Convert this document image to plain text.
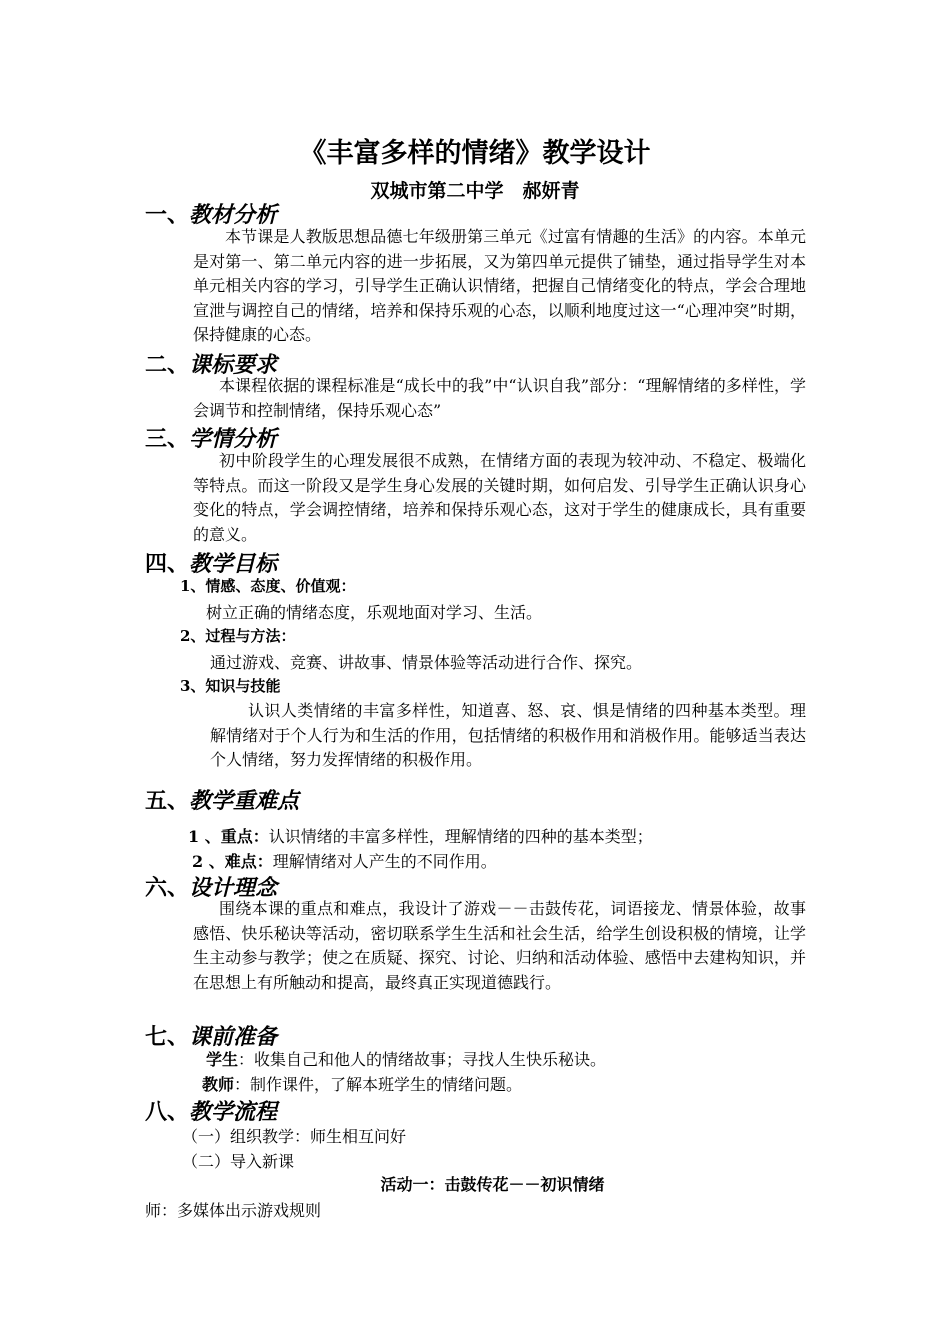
《丰富多样的情绪》教学设计
双城市第二中学　郝妍青
一、教材分析
本节课是人教版思想品德七年级册第三单元《过富有情趣的生活》的内容。本单元是对第一、第二单元内容的进一步拓展，又为第四单元提供了铺垫，通过指导学生对本单元相关内容的学习，引导学生正确认识情绪，把握自己情绪变化的特点，学会合理地宣泄与调控自己的情绪，培养和保持乐观的心态，以顺利地度过这一“心理冲突”时期，保持健康的心态。
二、课标要求
本课程依据的课程标准是“成长中的我”中“认识自我”部分：“理解情绪的多样性，学会调节和控制情绪，保持乐观心态”
三、学情分析
初中阶段学生的心理发展很不成熟，在情绪方面的表现为较冲动、不稳定、极端化等特点。而这一阶段又是学生身心发展的关键时期，如何启发、引导学生正确认识身心变化的特点，学会调控情绪，培养和保持乐观心态，这对于学生的健康成长，具有重要的意义。
四、教学目标
1、情感、态度、价值观：
树立正确的情绪态度，乐观地面对学习、生活。
2、过程与方法：
通过游戏、竞赛、讲故事、情景体验等活动进行合作、探究。
3、知识与技能
认识人类情绪的丰富多样性，知道喜、怒、哀、惧是情绪的四种基本类型。理解情绪对于个人行为和生活的作用，包括情绪的积极作用和消极作用。能够适当表达个人情绪，努力发挥情绪的积极作用。
五、教学重难点
1 、重点：认识情绪的丰富多样性，理解情绪的四种的基本类型；
2 、难点：理解情绪对人产生的不同作用。
六、设计理念
围绕本课的重点和难点，我设计了游戏－－击鼓传花，词语接龙、情景体验，故事感悟、快乐秘诀等活动，密切联系学生生活和社会生活，给学生创设积极的情境，让学生主动参与教学；使之在质疑、探究、讨论、归纳和活动体验、感悟中去建构知识，并在思想上有所触动和提高，最终真正实现道德践行。
七、课前准备
学生：收集自己和他人的情绪故事；寻找人生快乐秘诀。
教师：制作课件，了解本班学生的情绪问题。
八、教学流程
（一）组织教学：师生相互问好
（二）导入新课
活动一：击鼓传花－－初识情绪
师：多媒体出示游戏规则
